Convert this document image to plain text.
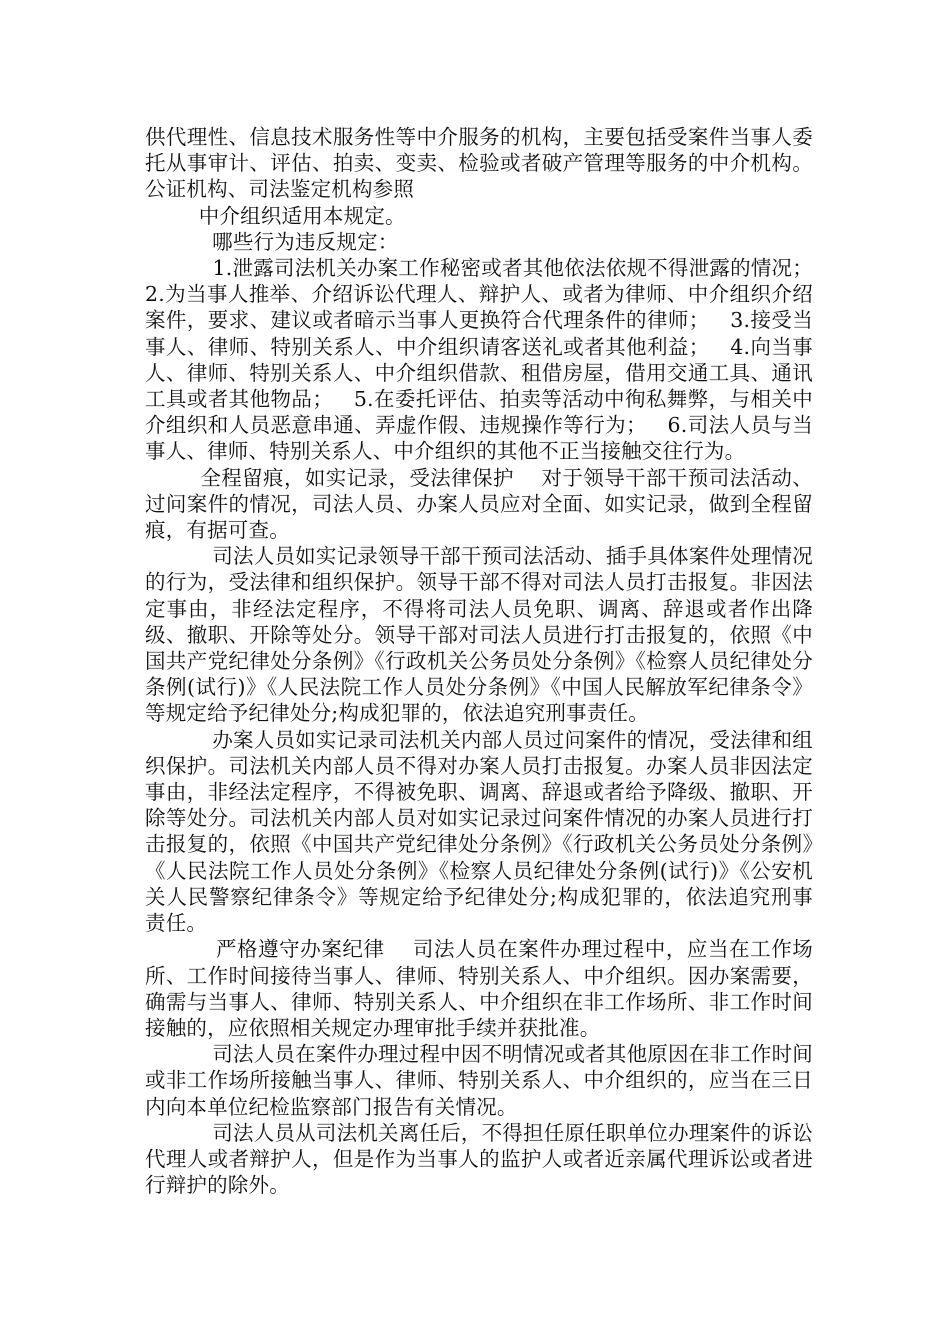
供代理性、信息技术服务性等中介服务的机构，主要包括受案件当事人委托从事审计、评估、拍卖、变卖、检验或者破产管理等服务的中介机构。公证机构、司法鉴定机构参照

中介组织适用本规定。

哪些行为违反规定：

1.泄露司法机关办案工作秘密或者其他依法依规不得泄露的情况；   2.为当事人推举、介绍诉讼代理人、辩护人、或者为律师、中介组织介绍案件，要求、建议或者暗示当事人更换符合代理条件的律师；   3.接受当事人、律师、特别关系人、中介组织请客送礼或者其他利益；   4.向当事人、律师、特别关系人、中介组织借款、租借房屋，借用交通工具、通讯工具或者其他物品；   5.在委托评估、拍卖等活动中徇私舞弊，与相关中介组织和人员恶意串通、弄虚作假、违规操作等行为；   6.司法人员与当事人、律师、特别关系人、中介组织的其他不正当接触交往行为。

全程留痕，如实记录，受法律保护    对于领导干部干预司法活动、过问案件的情况，司法人员、办案人员应对全面、如实记录，做到全程留痕，有据可查。

司法人员如实记录领导干部干预司法活动、插手具体案件处理情况的行为，受法律和组织保护。领导干部不得对司法人员打击报复。非因法定事由，非经法定程序，不得将司法人员免职、调离、辞退或者作出降级、撤职、开除等处分。领导干部对司法人员进行打击报复的，依照《中国共产党纪律处分条例》《行政机关公务员处分条例》《检察人员纪律处分条例(试行)》《人民法院工作人员处分条例》《中国人民解放军纪律条令》等规定给予纪律处分;构成犯罪的，依法追究刑事责任。

办案人员如实记录司法机关内部人员过问案件的情况，受法律和组织保护。司法机关内部人员不得对办案人员打击报复。办案人员非因法定事由，非经法定程序，不得被免职、调离、辞退或者给予降级、撤职、开除等处分。司法机关内部人员对如实记录过问案件情况的办案人员进行打击报复的，依照《中国共产党纪律处分条例》《行政机关公务员处分条例》《人民法院工作人员处分条例》《检察人员纪律处分条例(试行)》《公安机关人民警察纪律条令》等规定给予纪律处分;构成犯罪的，依法追究刑事责任。

严格遵守办案纪律    司法人员在案件办理过程中，应当在工作场所、工作时间接待当事人、律师、特别关系人、中介组织。因办案需要，确需与当事人、律师、特别关系人、中介组织在非工作场所、非工作时间接触的，应依照相关规定办理审批手续并获批准。

司法人员在案件办理过程中因不明情况或者其他原因在非工作时间或非工作场所接触当事人、律师、特别关系人、中介组织的，应当在三日内向本单位纪检监察部门报告有关情况。

司法人员从司法机关离任后，不得担任原任职单位办理案件的诉讼代理人或者辩护人，但是作为当事人的监护人或者近亲属代理诉讼或者进行辩护的除外。
